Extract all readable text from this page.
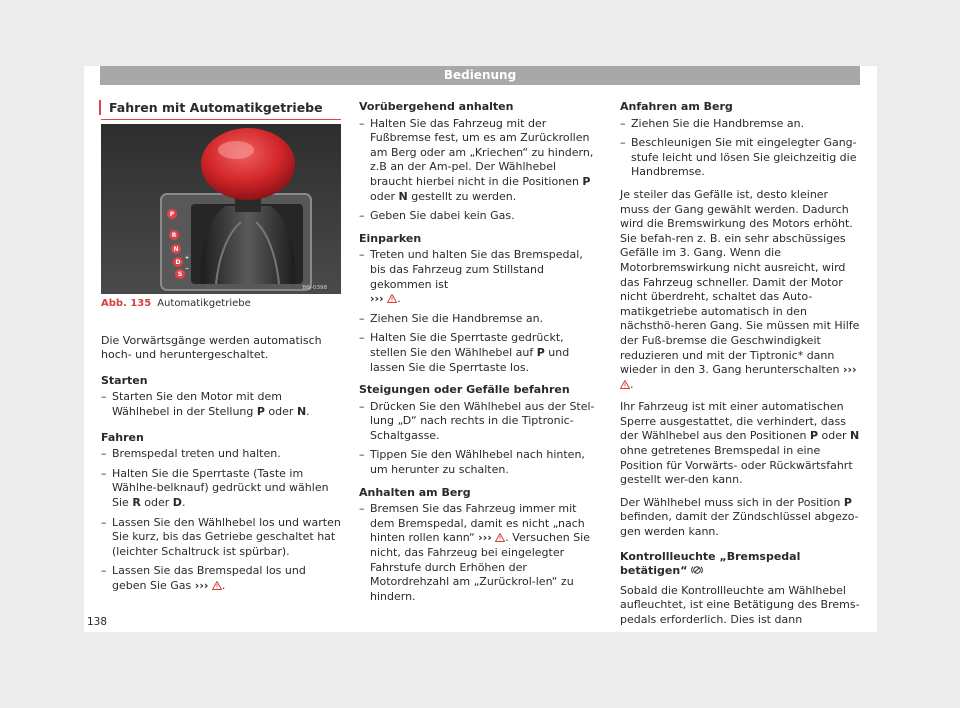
Bedienung
Fahren mit Automatikgetriebe
P
R
N
D
S
+
−
B6J-0398
Abb. 135 Automatikgetriebe

Die Vorwärtsgänge werden automatisch hoch- und heruntergeschaltet.

Starten
– Starten Sie den Motor mit dem Wählhebel in der Stellung P oder N.
Fahren
– Bremspedal treten und halten.
– Halten Sie die Sperrtaste (Taste im Wählhe-belknauf) gedrückt und wählen Sie R oder D.
– Lassen Sie den Wählhebel los und warten Sie kurz, bis das Getriebe geschaltet hat (leichter Schaltruck ist spürbar).
– Lassen Sie das Bremspedal los und geben Sie Gas ››› .
Vorübergehend anhalten
– Halten Sie das Fahrzeug mit der Fußbremse fest, um es am Zurückrollen am Berg oder am „Kriechen“ zu hindern, z.B an der Am-pel. Der Wählhebel braucht hierbei nicht in die Positionen P oder N gestellt zu werden.
– Geben Sie dabei kein Gas.
Einparken
– Treten und halten Sie das Bremspedal, bis das Fahrzeug zum Stillstand gekommen ist
››› .
– Ziehen Sie die Handbremse an.
– Halten Sie die Sperrtaste gedrückt, stellen Sie den Wählhebel auf P und lassen Sie die Sperrtaste los.
Steigungen oder Gefälle befahren
– Drücken Sie den Wählhebel aus der Stel-lung „D“ nach rechts in die Tiptronic-Schaltgasse.
– Tippen Sie den Wählhebel nach hinten, um herunter zu schalten.
Anhalten am Berg
– Bremsen Sie das Fahrzeug immer mit dem Bremspedal, damit es nicht „nach hinten rollen kann“ ››› . Versuchen Sie nicht, das Fahrzeug bei eingelegter Fahrstufe durch Erhöhen der Motordrehzahl am „Zurückrol-len“ zu hindern.
Anfahren am Berg
– Ziehen Sie die Handbremse an.
– Beschleunigen Sie mit eingelegter Gang-stufe leicht und lösen Sie gleichzeitig die Handbremse.

Je steiler das Gefälle ist, desto kleiner muss der Gang gewählt werden. Dadurch wird die Bremswirkung des Motors erhöht. Sie befah-ren z. B. ein sehr abschüssiges Gefälle im 3. Gang. Wenn die Motorbremswirkung nicht ausreicht, wird das Fahrzeug schneller. Damit der Motor nicht überdreht, schaltet das Auto-matikgetriebe automatisch in den nächsthö-heren Gang. Sie müssen mit Hilfe der Fuß-bremse die Geschwindigkeit reduzieren und mit der Tiptronic* dann wieder in den 3. Gang herunterschalten ››› .

Ihr Fahrzeug ist mit einer automatischen Sperre ausgestattet, die verhindert, dass der Wählhebel aus den Positionen P oder N ohne getretenes Bremspedal in eine Position für Vorwärts- oder Rückwärtsfahrt gestellt wer-den kann.

Der Wählhebel muss sich in der Position P befinden, damit der Zündschlüssel abgezo-gen werden kann.

Kontrollleuchte „Bremspedal betätigen“

Sobald die Kontrollleuchte am Wählhebel aufleuchtet, ist eine Betätigung des Brems-pedals erforderlich. Dies ist dann

138
